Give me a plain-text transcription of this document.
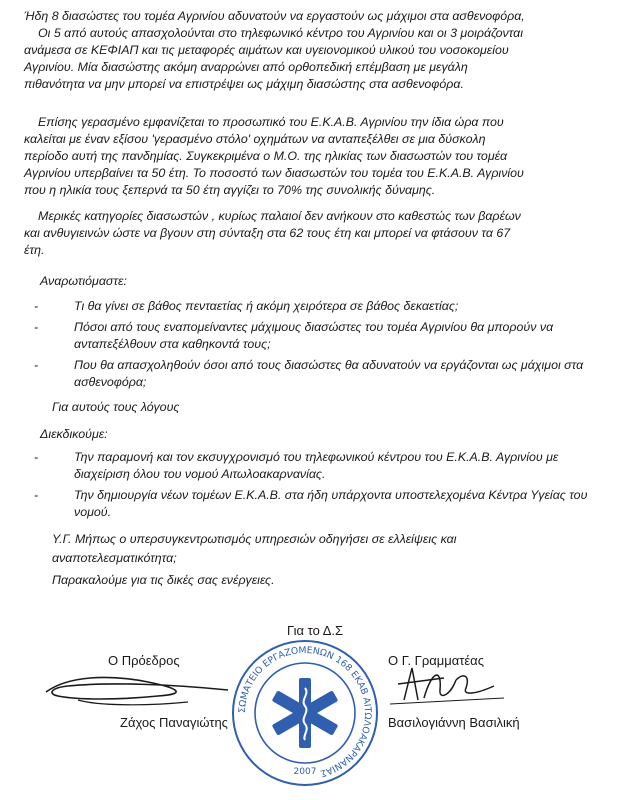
Ήδη 8 διασώστες του τομέα Αγρινίου αδυνατούν να εργαστούν ως μάχιμοι στα ασθενοφόρα,
Οι 5 από αυτούς απασχολούνται στο τηλεφωνικό κέντρο του Αγρινίου και οι 3 μοιράζονται
ανάμεσα σε ΚΕΦΙΑΠ και τις μεταφορές αιμάτων και υγειονομικού υλικού του νοσοκομείου
Αγρινίου. Μία διασώστης ακόμη αναρρώνει από ορθοπεδική επέμβαση με μεγάλη
πιθανότητα να μην μπορεί να επιστρέψει ως μάχιμη διασώστης στα ασθενοφόρα.

Επίσης γερασμένο εμφανίζεται το προσωπικό του Ε.Κ.Α.Β. Αγρινίου την ίδια ώρα που
καλείται με έναν εξίσου 'γερασμένο στόλο' οχημάτων να ανταπεξέλθει σε μια δύσκολη
περίοδο αυτή της πανδημίας. Συγκεκριμένα ο Μ.Ο. της ηλικίας των διασωστών του τομέα
Αγρινίου υπερβαίνει τα 50 έτη. Το ποσοστό των διασωστών του τομέα του Ε.Κ.Α.Β. Αγρινίου
που η ηλικία τους ξεπερνά τα 50 έτη αγγίζει το 70% της συνολικής δύναμης.

Μερικές κατηγορίες διασωστών , κυρίως παλαιοί δεν ανήκουν στο καθεστώς των βαρέων
και ανθυγιεινών ώστε να βγουν στη σύνταξη στα 62 τους έτη και μπορεί να φτάσουν τα 67
έτη.

Αναρωτιόμαστε:

-	Τι θα γίνει σε βάθος πενταετίας ή ακόμη χειρότερα σε βάθος δεκαετίας;
-	Πόσοι από τους εναπομείναντες μάχιμους διασώστες του τομέα Αγρινίου θα μπορούν να ανταπεξέλθουν στα καθηκοντά τους;
-	Που θα απασχοληθούν όσοι από τους διασώστες θα αδυνατούν να εργάζονται ως μάχιμοι στα ασθενοφόρα;

Για αυτούς τους λόγους

Διεκδικούμε:

-	Την παραμονή και τον εκσυγχρονισμό του τηλεφωνικού κέντρου του Ε.Κ.Α.Β. Αγρινίου με διαχείριση όλου του νομού Αιτωλοακαρνανίας.
-	Την δημιουργία νέων τομέων Ε.Κ.Α.Β. στα ήδη υπάρχοντα υποστελεχομένα Κέντρα Υγείας του νομού.

Υ.Γ. Μήπως ο υπερσυγκεντρωτισμός υπηρεσιών οδηγήσει σε ελλείψεις και
αναποτελεσματικότητα;

Παρακαλούμε για τις δικές σας ενέργειες.

Για το Δ.Σ
Ο Πρόεδρος	Ο Γ. Γραμματέας
ΣΩΜΑΤΕΙΟ ΕΡΓΑΖΟΜΕΝΩΝ 168 ΕΚΑΒ ΑΙΤΩΛΟΑΚΑΡΝΑΝΙΑΣ
2007
Ζάχος Παναγιώτης	Βασιλογιάννη Βασιλική
